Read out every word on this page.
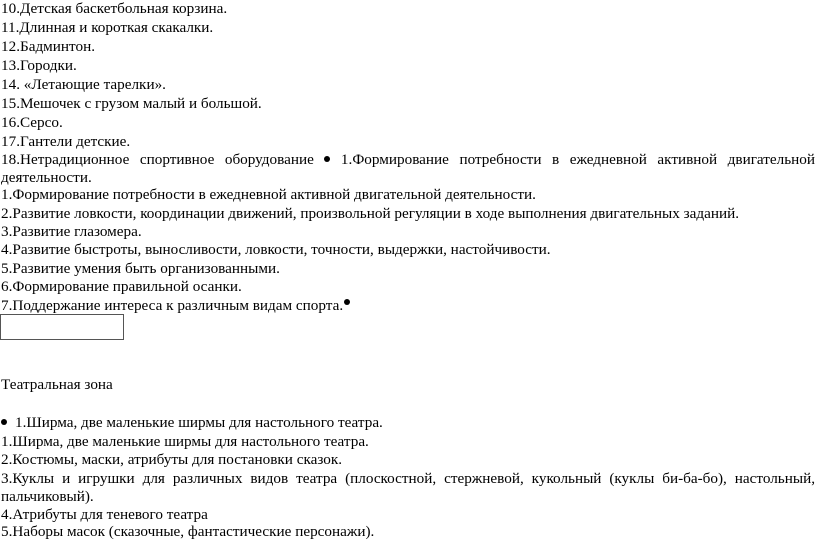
10.Детская баскетбольная корзина.
11.Длинная и короткая скакалки.
12.Бадминтон.
13.Городки.
14. «Летающие тарелки».
15.Мешочек с грузом малый и большой.
16.Серсо.
17.Гантели детские.
18.Нетрадиционное спортивное оборудование 1.Формирование потребности в ежедневной активной двигательной
деятельности.
1.Формирование потребности в ежедневной активной двигательной деятельности.
2.Развитие ловкости, координации движений, произвольной регуляции в ходе выполнения двигательных заданий.
3.Развитие глазомера.
4.Развитие быстроты, выносливости, ловкости, точности, выдержки, настойчивости.
5.Развитие умения быть организованными.
6.Формирование правильной осанки.
7.Поддержание интереса к различным видам спорта.
Театральная зона
1.Ширма, две маленькие ширмы для настольного театра.
1.Ширма, две маленькие ширмы для настольного театра.
2.Костюмы, маски, атрибуты для постановки сказок.
3.Куклы и игрушки для различных видов театра (плоскостной, стержневой, кукольный (куклы би-ба-бо), настольный,
пальчиковый).
4.Атрибуты для теневого театра
5.Наборы масок (сказочные, фантастические персонажи).
